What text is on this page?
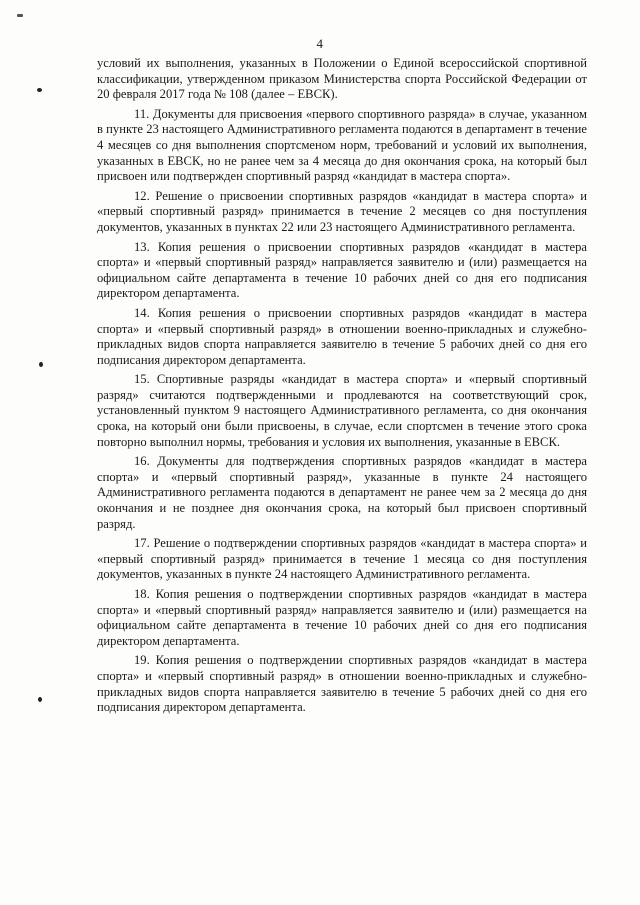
4

условий их выполнения, указанных в Положении о Единой всероссийской спортивной классификации, утвержденном приказом Министерства спорта Российской Федерации от 20 февраля 2017 года № 108 (далее – ЕВСК).

11. Документы для присвоения «первого спортивного разряда» в случае, указанном в пункте 23 настоящего Административного регламента подаются в департамент в течение 4 месяцев со дня выполнения спортсменом норм, требований и условий их выполнения, указанных в ЕВСК, но не ранее чем за 4 месяца до дня окончания срока, на который был присвоен или подтвержден спортивный разряд «кандидат в мастера спорта».

12. Решение о присвоении спортивных разрядов «кандидат в мастера спорта» и «первый спортивный разряд» принимается в течение 2 месяцев со дня поступления документов, указанных в пунктах 22 или 23 настоящего Административного регламента.

13. Копия решения о присвоении спортивных разрядов «кандидат в мастера спорта» и «первый спортивный разряд» направляется заявителю и (или) размещается на официальном сайте департамента в течение 10 рабочих дней со дня его подписания директором департамента.

14. Копия решения о присвоении спортивных разрядов «кандидат в мастера спорта» и «первый спортивный разряд» в отношении военно-прикладных и служебно-прикладных видов спорта направляется заявителю в течение 5 рабочих дней со дня его подписания директором департамента.

15. Спортивные разряды «кандидат в мастера спорта» и «первый спортивный разряд» считаются подтвержденными и продлеваются на соответствующий срок, установленный пунктом 9 настоящего Административного регламента, со дня окончания срока, на который они были присвоены, в случае, если спортсмен в течение этого срока повторно выполнил нормы, требования и условия их выполнения, указанные в ЕВСК.

16. Документы для подтверждения спортивных разрядов «кандидат в мастера спорта» и «первый спортивный разряд», указанные в пункте 24 настоящего Административного регламента подаются в департамент не ранее чем за 2 месяца до дня окончания и не позднее дня окончания срока, на который был присвоен спортивный разряд.

17. Решение о подтверждении спортивных разрядов «кандидат в мастера спорта» и «первый спортивный разряд» принимается в течение 1 месяца со дня поступления документов, указанных в пункте 24 настоящего Административного регламента.

18. Копия решения о подтверждении спортивных разрядов «кандидат в мастера спорта» и «первый спортивный разряд» направляется заявителю и (или) размещается на официальном сайте департамента в течение 10 рабочих дней со дня его подписания директором департамента.

19. Копия решения о подтверждении спортивных разрядов «кандидат в мастера спорта» и «первый спортивный разряд» в отношении военно-прикладных и служебно-прикладных видов спорта направляется заявителю в течение 5 рабочих дней со дня его подписания директором департамента.
